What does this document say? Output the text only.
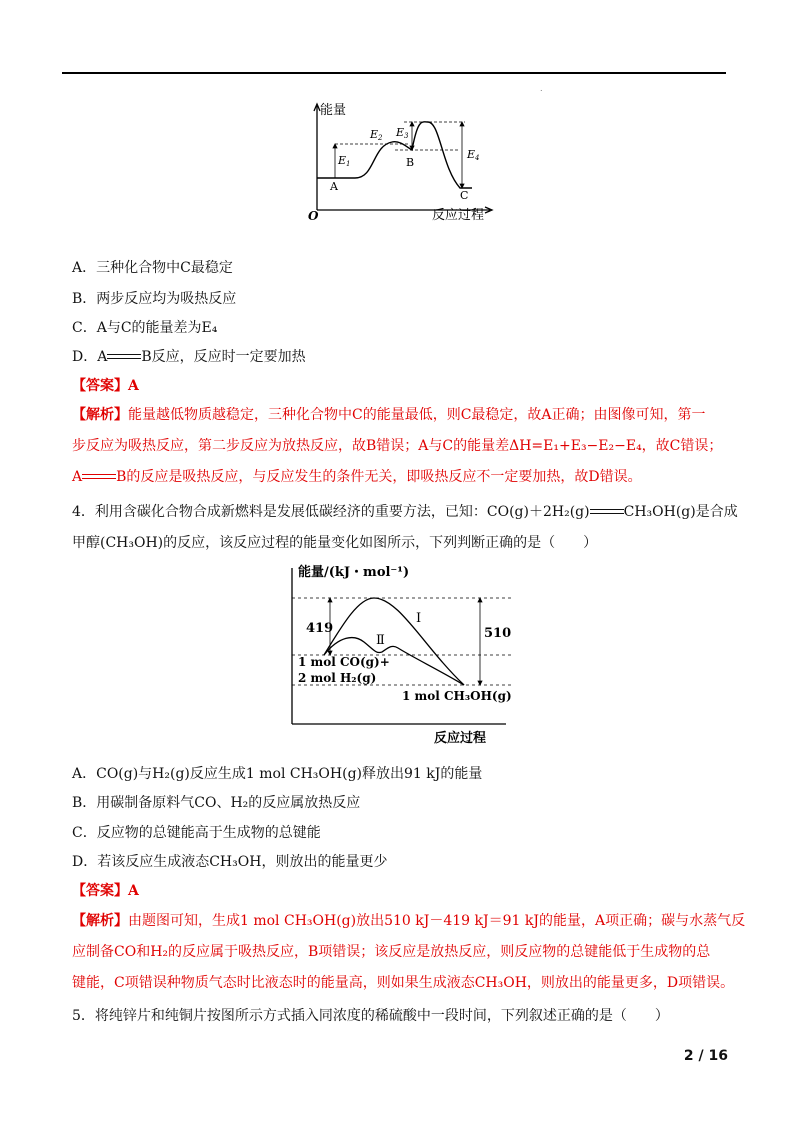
.
能量
反应过程
O
E1
E2 E3
E4
A
B
C
A．三种化合物中C最稳定
B．两步反应均为吸热反应
C．A与C的能量差为E₄
D．A B反应，反应时一定要加热
【答案】A
【解析】能量越低物质越稳定，三种化合物中C的能量最低，则C最稳定，故A正确；由图像可知，第一
步反应为吸热反应，第二步反应为放热反应，故B错误；A与C的能量差ΔH=E₁+E₃−E₂−E₄，故C错误；
A B的反应是吸热反应，与反应发生的条件无关，即吸热反应不一定要加热，故D错误。
4．利用含碳化合物合成新燃料是发展低碳经济的重要方法，已知：CO(g)＋2H₂(g) CH₃OH(g)是合成
甲醇(CH₃OH)的反应，该反应过程的能量变化如图所示，下列判断正确的是（　　）
能量/(kJ・mol⁻¹)
反应过程
419	510
Ⅰ
Ⅱ
1 mol CO(g)+
2 mol H₂(g)
1 mol CH₃OH(g)
A．CO(g)与H₂(g)反应生成1 mol CH₃OH(g)释放出91 kJ的能量
B．用碳制备原料气CO、H₂的反应属放热反应
C．反应物的总键能高于生成物的总键能
D．若该反应生成液态CH₃OH，则放出的能量更少
【答案】A
【解析】由题图可知，生成1 mol CH₃OH(g)放出510 kJ－419 kJ＝91 kJ的能量，A项正确；碳与水蒸气反
应制备CO和H₂的反应属于吸热反应，B项错误；该反应是放热反应，则反应物的总键能低于生成物的总
键能，C项错误种物质气态时比液态时的能量高，则如果生成液态CH₃OH，则放出的能量更多，D项错误。
5．将纯锌片和纯铜片按图所示方式插入同浓度的稀硫酸中一段时间，下列叙述正确的是（　　）
2 / 16
